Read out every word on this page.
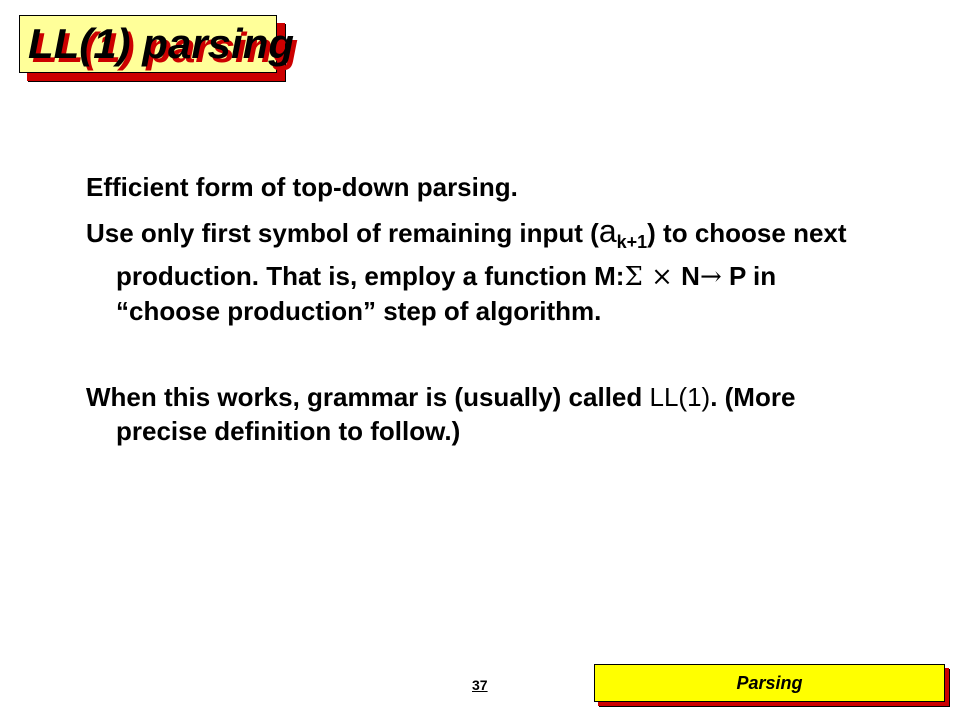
LL(1) parsing

Efficient form of top-down parsing.

Use only first symbol of remaining input $(a_{k+1})$ to choose next production. That is, employ a function M:Σ × N→ P in “choose production” step of algorithm.

When this works, grammar is (usually) called LL(1). (More precise definition to follow.)

37	Parsing
